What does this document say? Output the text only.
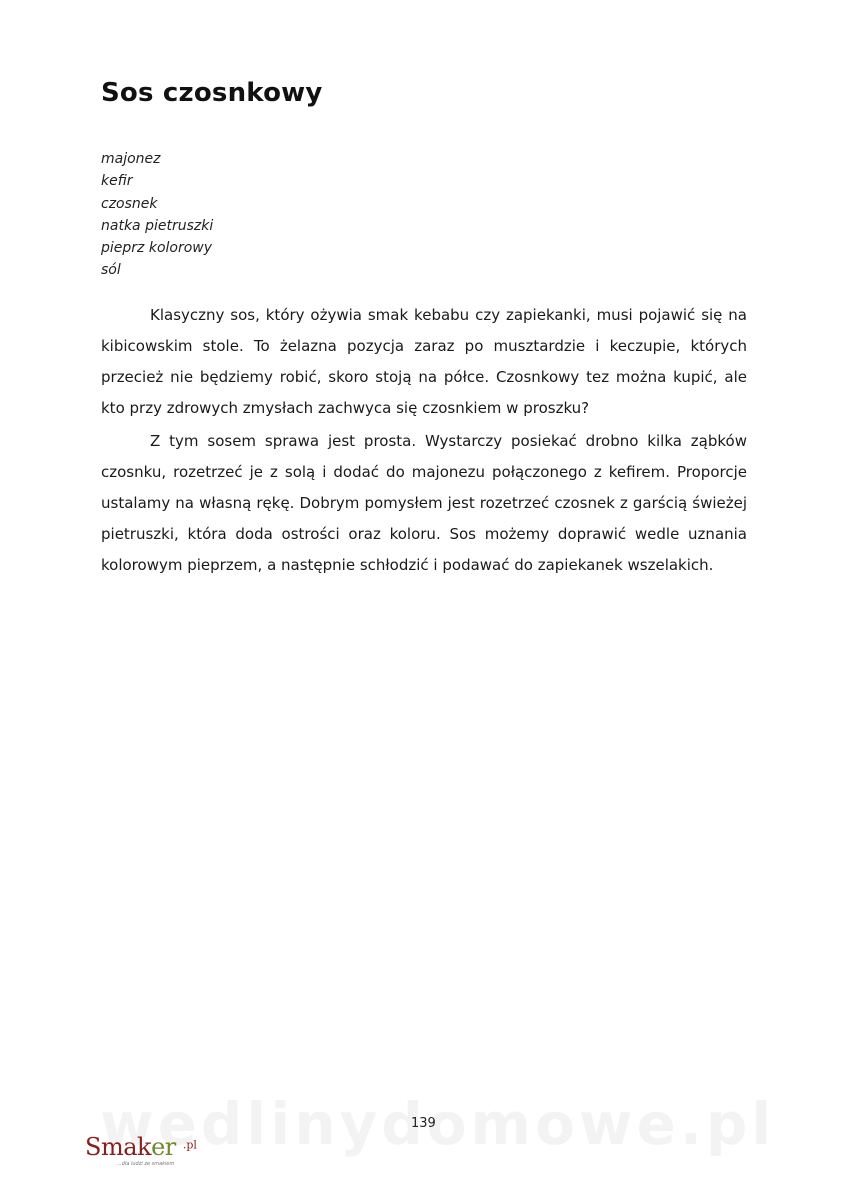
Sos czosnkowy
majonez
kefir
czosnek
natka pietruszki
pieprz kolorowy
sól

Klasyczny sos, który ożywia smak kebabu czy zapiekanki, musi pojawić się na kibicowskim stole. To żelazna pozycja zaraz po musztardzie i keczupie, których przecież nie będziemy robić, skoro stoją na półce. Czosnkowy tez można kupić, ale kto przy zdrowych zmysłach zachwyca się czosnkiem w proszku?

Z tym sosem sprawa jest prosta. Wystarczy posiekać drobno kilka ząbków czosnku, rozetrzeć je z solą i dodać do majonezu połączonego z kefirem. Proporcje ustalamy na własną rękę. Dobrym pomysłem jest rozetrzeć czosnek z garścią świeżej pietruszki, która doda ostrości oraz koloru. Sos możemy doprawić wedle uznania kolorowym pieprzem, a następnie schłodzić i podawać do zapiekanek wszelakich.

139
Smaker $^{.pl}$
...dla ludzi ze smakiem
